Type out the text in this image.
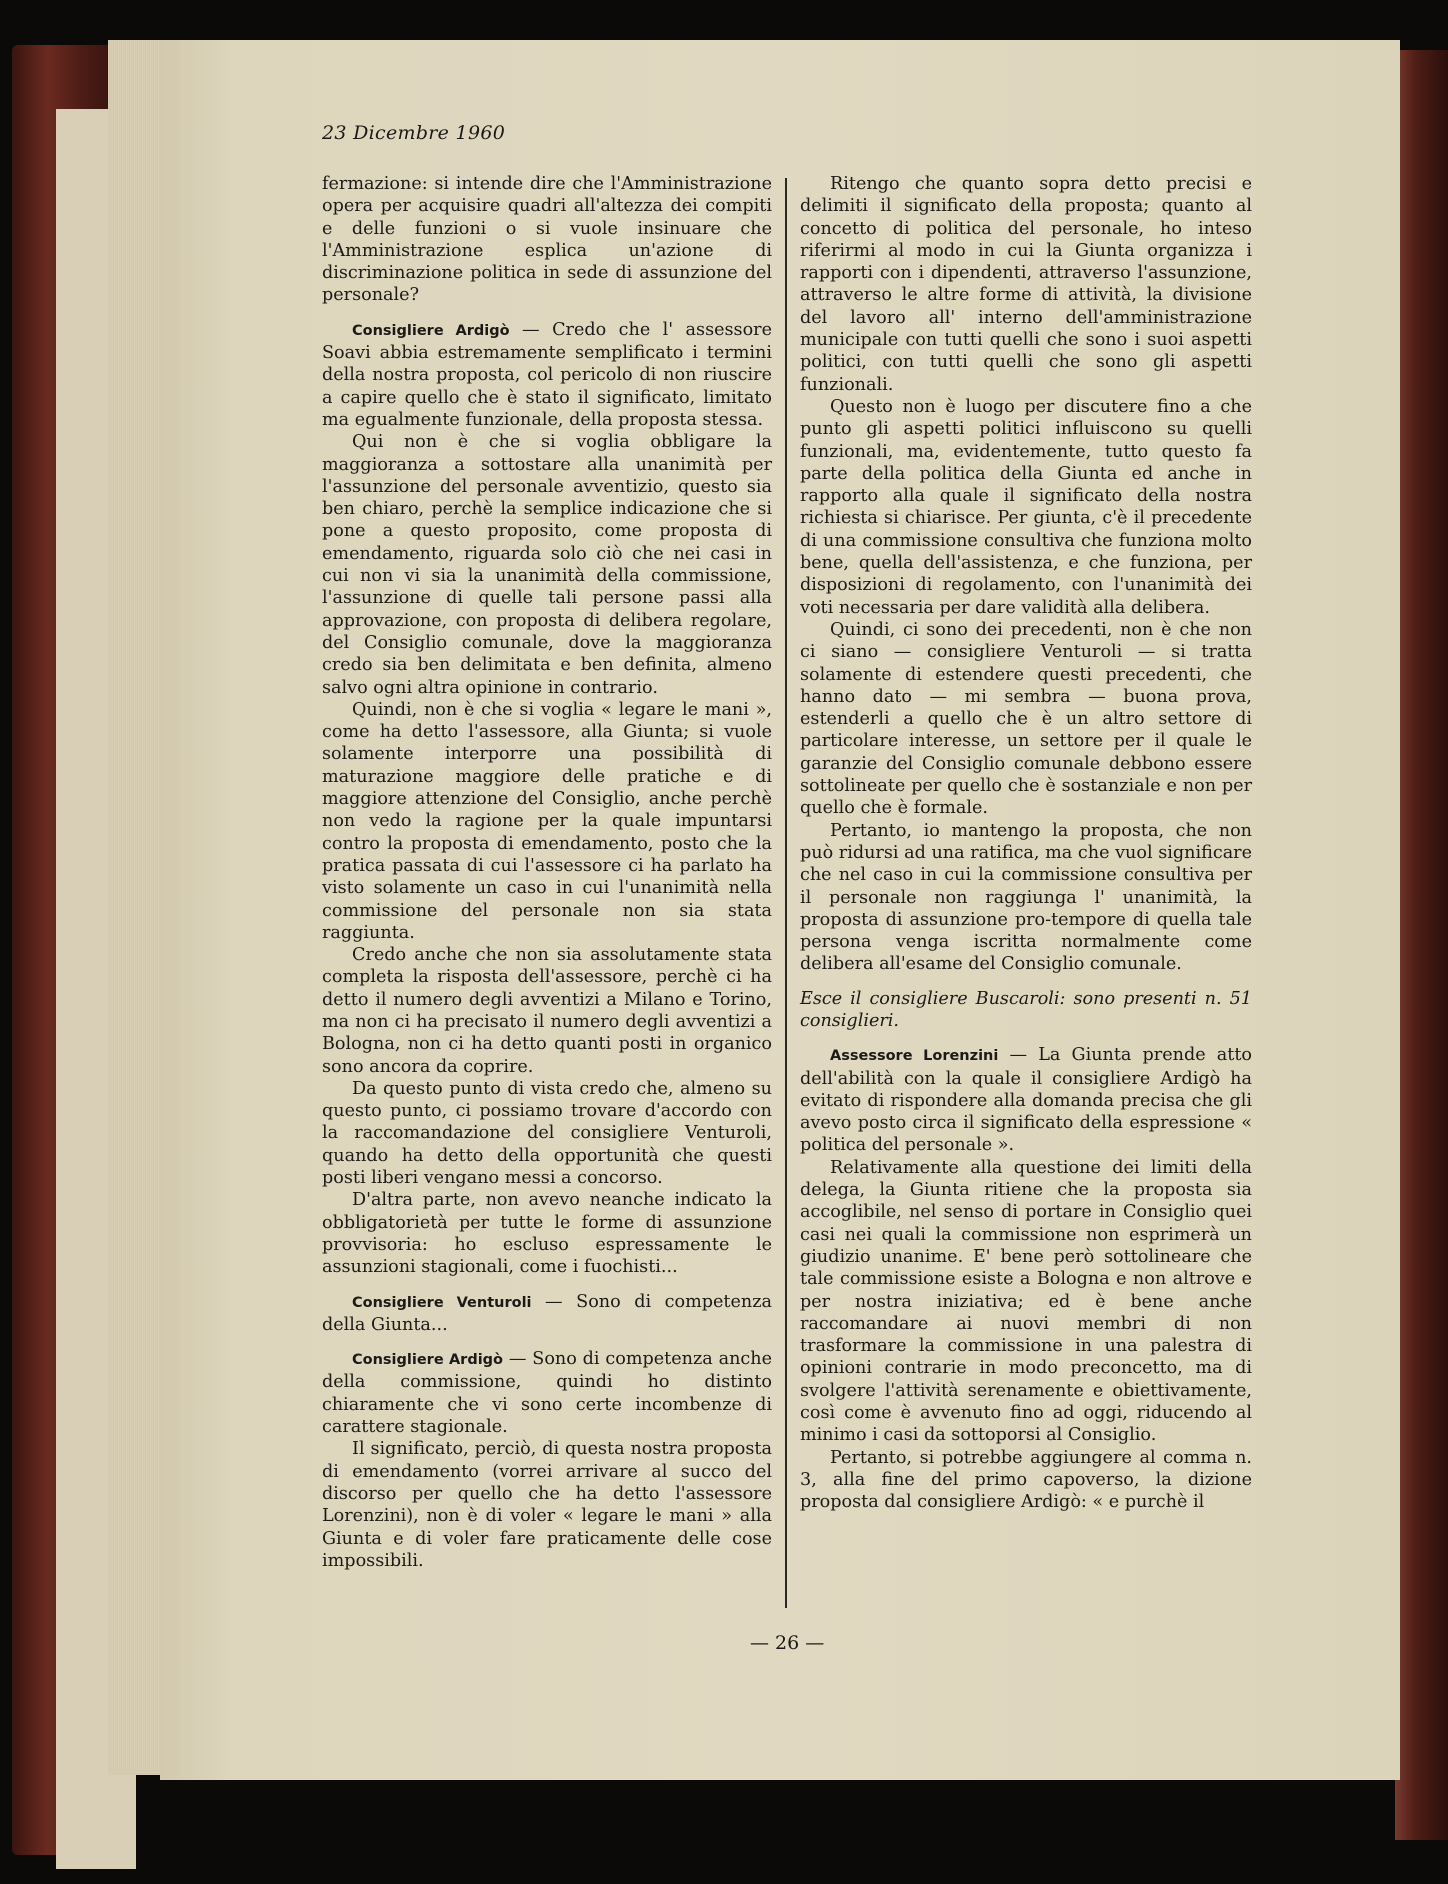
23 Dicembre 1960

fermazione: si intende dire che l'Amministrazione opera per acquisire quadri all'altezza dei compiti e delle funzioni o si vuole insinuare che l'Amministrazione esplica un'azione di discriminazione politica in sede di assunzione del personale?

Consigliere Ardigò — Credo che l' assessore Soavi abbia estremamente semplificato i termini della nostra proposta, col pericolo di non riuscire a capire quello che è stato il significato, limitato ma egualmente funzionale, della proposta stessa.

Qui non è che si voglia obbligare la maggioranza a sottostare alla unanimità per l'assunzione del personale avventizio, questo sia ben chiaro, perchè la semplice indicazione che si pone a questo proposito, come proposta di emendamento, riguarda solo ciò che nei casi in cui non vi sia la unanimità della commissione, l'assunzione di quelle tali persone passi alla approvazione, con proposta di delibera regolare, del Consiglio comunale, dove la maggioranza credo sia ben delimitata e ben definita, almeno salvo ogni altra opinione in contrario.

Quindi, non è che si voglia « legare le mani », come ha detto l'assessore, alla Giunta; si vuole solamente interporre una possibilità di maturazione maggiore delle pratiche e di maggiore attenzione del Consiglio, anche perchè non vedo la ragione per la quale impuntarsi contro la proposta di emendamento, posto che la pratica passata di cui l'assessore ci ha parlato ha visto solamente un caso in cui l'unanimità nella commissione del personale non sia stata raggiunta.

Credo anche che non sia assolutamente stata completa la risposta dell'assessore, perchè ci ha detto il numero degli avventizi a Milano e Torino, ma non ci ha precisato il numero degli avventizi a Bologna, non ci ha detto quanti posti in organico sono ancora da coprire.

Da questo punto di vista credo che, almeno su questo punto, ci possiamo trovare d'accordo con la raccomandazione del consigliere Venturoli, quando ha detto della opportunità che questi posti liberi vengano messi a concorso.

D'altra parte, non avevo neanche indicato la obbligatorietà per tutte le forme di assunzione provvisoria: ho escluso espressamente le assunzioni stagionali, come i fuochisti...

Consigliere Venturoli — Sono di competenza della Giunta...

Consigliere Ardigò — Sono di competenza anche della commissione, quindi ho distinto chiaramente che vi sono certe incombenze di carattere stagionale.

Il significato, perciò, di questa nostra proposta di emendamento (vorrei arrivare al succo del discorso per quello che ha detto l'assessore Lorenzini), non è di voler « legare le mani » alla Giunta e di voler fare praticamente delle cose impossibili.

Ritengo che quanto sopra detto precisi e delimiti il significato della proposta; quanto al concetto di politica del personale, ho inteso riferirmi al modo in cui la Giunta organizza i rapporti con i dipendenti, attraverso l'assunzione, attraverso le altre forme di attività, la divisione del lavoro all' interno dell'amministrazione municipale con tutti quelli che sono i suoi aspetti politici, con tutti quelli che sono gli aspetti funzionali.

Questo non è luogo per discutere fino a che punto gli aspetti politici influiscono su quelli funzionali, ma, evidentemente, tutto questo fa parte della politica della Giunta ed anche in rapporto alla quale il significato della nostra richiesta si chiarisce. Per giunta, c'è il precedente di una commissione consultiva che funziona molto bene, quella dell'assistenza, e che funziona, per disposizioni di regolamento, con l'unanimità dei voti necessaria per dare validità alla delibera.

Quindi, ci sono dei precedenti, non è che non ci siano — consigliere Venturoli — si tratta solamente di estendere questi precedenti, che hanno dato — mi sembra — buona prova, estenderli a quello che è un altro settore di particolare interesse, un settore per il quale le garanzie del Consiglio comunale debbono essere sottolineate per quello che è sostanziale e non per quello che è formale.

Pertanto, io mantengo la proposta, che non può ridursi ad una ratifica, ma che vuol significare che nel caso in cui la commissione consultiva per il personale non raggiunga l' unanimità, la proposta di assunzione pro-tempore di quella tale persona venga iscritta normalmente come delibera all'esame del Consiglio comunale.

Esce il consigliere Buscaroli: sono presenti n. 51 consiglieri.

Assessore Lorenzini — La Giunta prende atto dell'abilità con la quale il consigliere Ardigò ha evitato di rispondere alla domanda precisa che gli avevo posto circa il significato della espressione « politica del personale ».

Relativamente alla questione dei limiti della delega, la Giunta ritiene che la proposta sia accoglibile, nel senso di portare in Consiglio quei casi nei quali la commissione non esprimerà un giudizio unanime. E' bene però sottolineare che tale commissione esiste a Bologna e non altrove e per nostra iniziativa; ed è bene anche raccomandare ai nuovi membri di non trasformare la commissione in una palestra di opinioni contrarie in modo preconcetto, ma di svolgere l'attività serenamente e obiettivamente, così come è avvenuto fino ad oggi, riducendo al minimo i casi da sottoporsi al Consiglio.

Pertanto, si potrebbe aggiungere al comma n. 3, alla fine del primo capoverso, la dizione proposta dal consigliere Ardigò: « e purchè il

— 26 —
